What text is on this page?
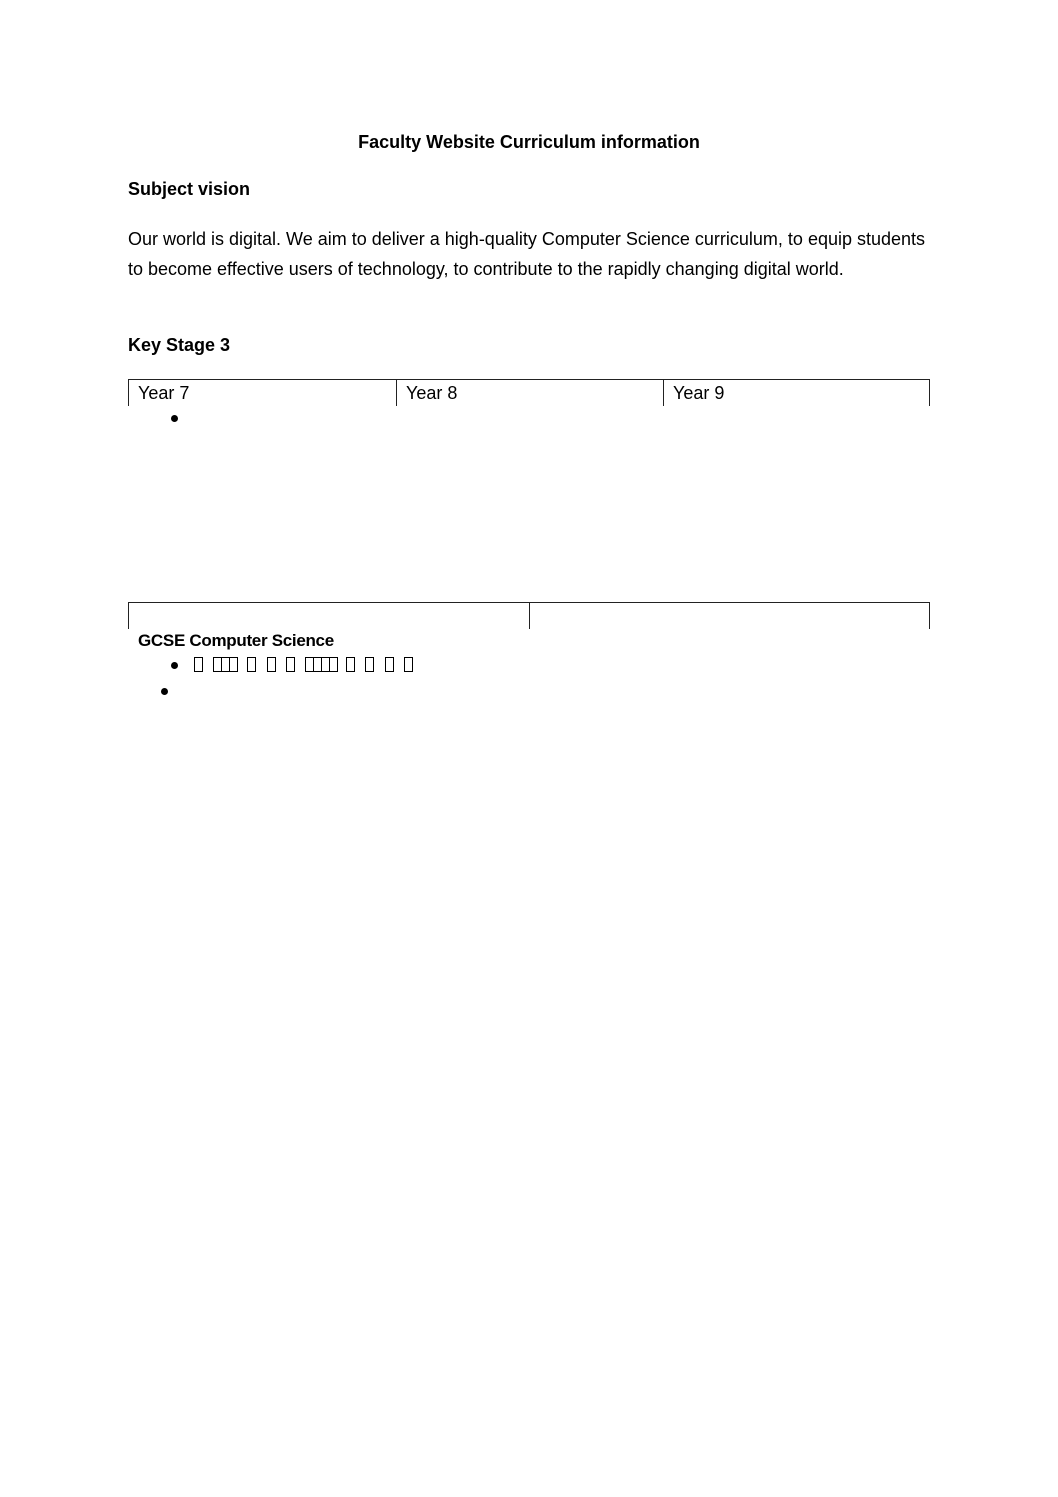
Faculty Website Curriculum information
Subject vision
Our world is digital. We aim to deliver a high-quality Computer Science curriculum, to equip students to become effective users of technology, to contribute to the rapidly changing digital world.
Key Stage 3
Year 7	Year 8	Year 9
GCSE Computer Science
